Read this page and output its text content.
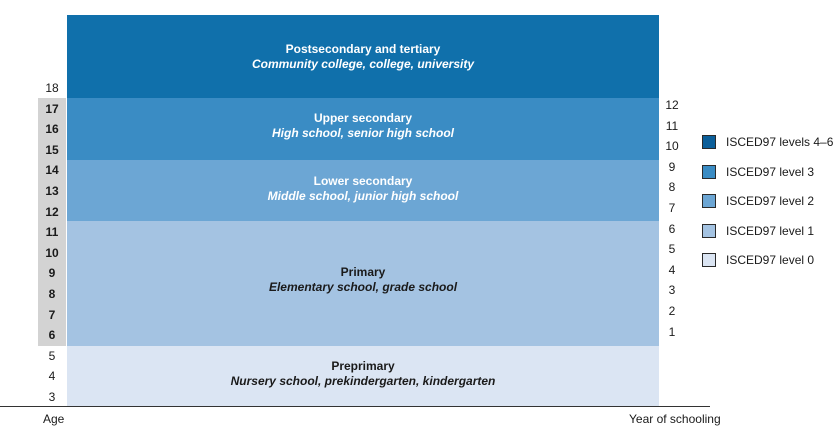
18
17
16
15
14
13
12
11
10
9
8
7
6
5
4
3
Postsecondary and tertiary
Community college, college, university
Upper secondary
High school, senior high school
Lower secondary
Middle school, junior high school
Primary
Elementary school, grade school
Preprimary
Nursery school, prekindergarten, kindergarten
12
11
10
9
8
7
6
5
4
3
2
1
Age	Year of schooling
ISCED97 levels 4–6
ISCED97 level 3
ISCED97 level 2
ISCED97 level 1
ISCED97 level 0
